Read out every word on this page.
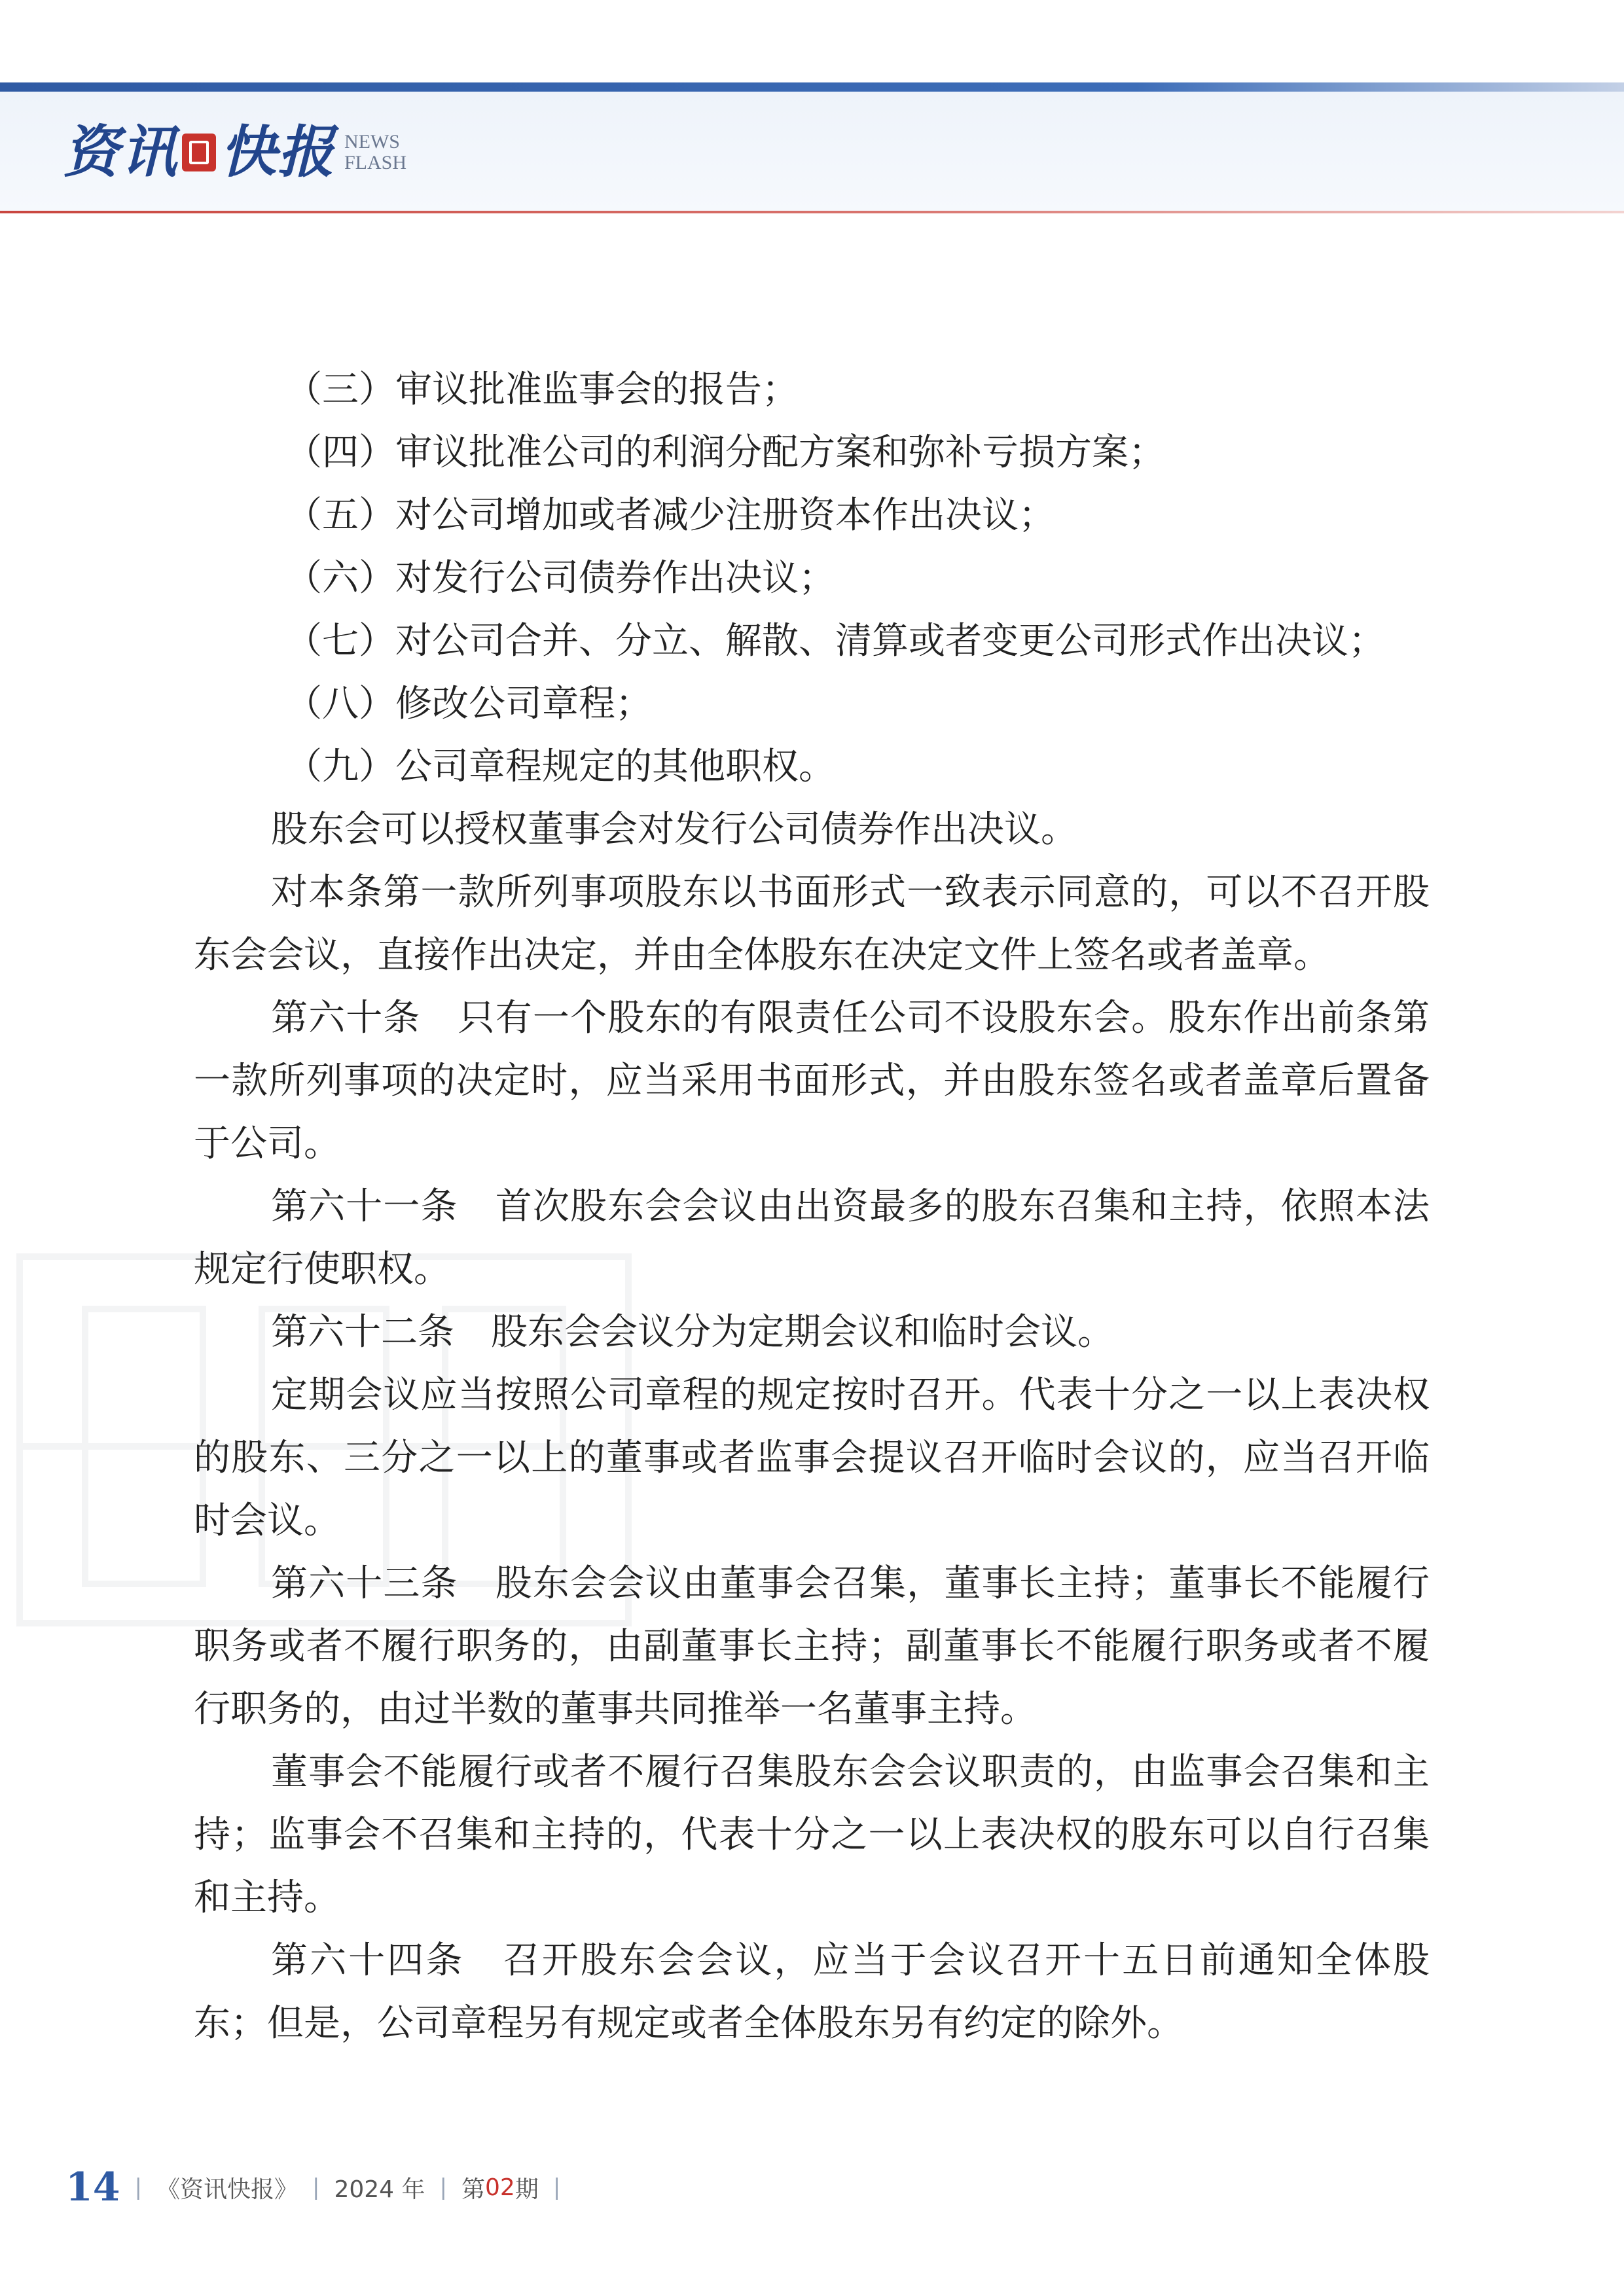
资讯 快报 NEWS
FLASH

（三）审议批准监事会的报告；

（四）审议批准公司的利润分配方案和弥补亏损方案；

（五）对公司增加或者减少注册资本作出决议；

（六）对发行公司债券作出决议；

（七）对公司合并、分立、解散、清算或者变更公司形式作出决议；

（八）修改公司章程；

（九）公司章程规定的其他职权。

股东会可以授权董事会对发行公司债券作出决议。

对本条第一款所列事项股东以书面形式一致表示同意的，可以不召开股东会会议，直接作出决定，并由全体股东在决定文件上签名或者盖章。

第六十条　只有一个股东的有限责任公司不设股东会。股东作出前条第一款所列事项的决定时，应当采用书面形式，并由股东签名或者盖章后置备于公司。

第六十一条　首次股东会会议由出资最多的股东召集和主持，依照本法规定行使职权。

第六十二条　股东会会议分为定期会议和临时会议。

定期会议应当按照公司章程的规定按时召开。代表十分之一以上表决权的股东、三分之一以上的董事或者监事会提议召开临时会议的，应当召开临时会议。

第六十三条　股东会会议由董事会召集，董事长主持；董事长不能履行职务或者不履行职务的，由副董事长主持；副董事长不能履行职务或者不履行职务的，由过半数的董事共同推举一名董事主持。

董事会不能履行或者不履行召集股东会会议职责的，由监事会召集和主持；监事会不召集和主持的，代表十分之一以上表决权的股东可以自行召集和主持。

第六十四条　召开股东会会议，应当于会议召开十五日前通知全体股东；但是，公司章程另有规定或者全体股东另有约定的除外。

14 | 《资讯快报》 | 2024 年 | 第 02 期 |
